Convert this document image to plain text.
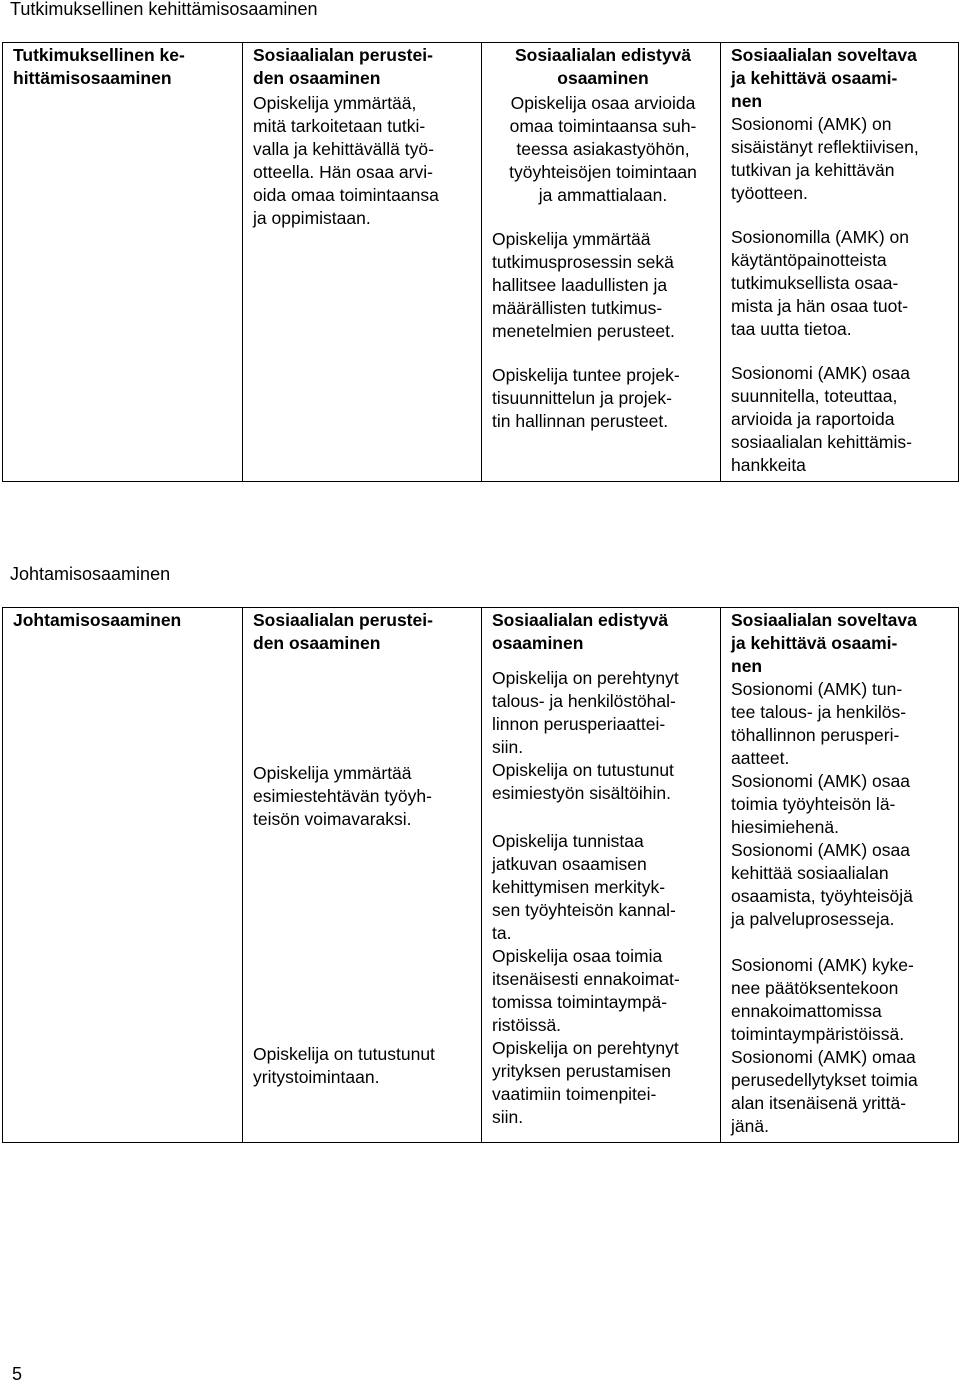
Tutkimuksellinen kehittämisosaaminen
Tutkimuksellinen ke-
hittämisosaaminen

Sosiaalialan perustei-
den osaaminen
Opiskelija ymmärtää,
mitä tarkoitetaan tutki-
valla ja kehittävällä työ-
otteella. Hän osaa arvi-
oida omaa toimintaansa
ja oppimistaan.

Sosiaalialan edistyvä
osaaminen
Opiskelija osaa arvioida
omaa toimintaansa suh-
teessa asiakastyöhön,
työyhteisöjen toimintaan
ja ammattialaan.
Opiskelija ymmärtää
tutkimusprosessin sekä
hallitsee laadullisten ja
määrällisten tutkimus-
menetelmien perusteet.
Opiskelija tuntee projek-
tisuunnittelun ja projek-
tin hallinnan perusteet.

Sosiaalialan soveltava
ja kehittävä osaami-
nen
Sosionomi (AMK) on
sisäistänyt reflektiivisen,
tutkivan ja kehittävän
työotteen.
Sosionomilla (AMK) on
käytäntöpainotteista
tutkimuksellista osaa-
mista ja hän osaa tuot-
taa uutta tietoa.
Sosionomi (AMK) osaa
suunnitella, toteuttaa,
arvioida ja raportoida
sosiaalialan kehittämis-
hankkeita
Johtamisosaaminen
Johtamisosaaminen	Sosiaalialan perustei-
den osaaminen
Opiskelija ymmärtää
esimiestehtävän työyh-
teisön voimavaraksi.
Opiskelija on tutustunut
yritystoimintaan.

Sosiaalialan edistyvä
osaaminen
Opiskelija on perehtynyt
talous- ja henkilöstöhal-
linnon perusperiaattei-
siin.
Opiskelija on tutustunut
esimiestyön sisältöihin.
Opiskelija tunnistaa
jatkuvan osaamisen
kehittymisen merkityk-
sen työyhteisön kannal-
ta.
Opiskelija osaa toimia
itsenäisesti ennakoimat-
tomissa toimintaympä-
ristöissä.
Opiskelija on perehtynyt
yrityksen perustamisen
vaatimiin toimenpitei-
siin.

Sosiaalialan soveltava
ja kehittävä osaami-
nen
Sosionomi (AMK) tun-
tee talous- ja henkilös-
töhallinnon perusperi-
aatteet.
Sosionomi (AMK) osaa
toimia työyhteisön lä-
hiesimiehenä.
Sosionomi (AMK) osaa
kehittää sosiaalialan
osaamista, työyhteisöjä
ja palveluprosesseja.
Sosionomi (AMK) kyke-
nee päätöksentekoon
ennakoimattomissa
toimintaympäristöissä.
Sosionomi (AMK) omaa
perusedellytykset toimia
alan itsenäisenä yrittä-
jänä.
5
